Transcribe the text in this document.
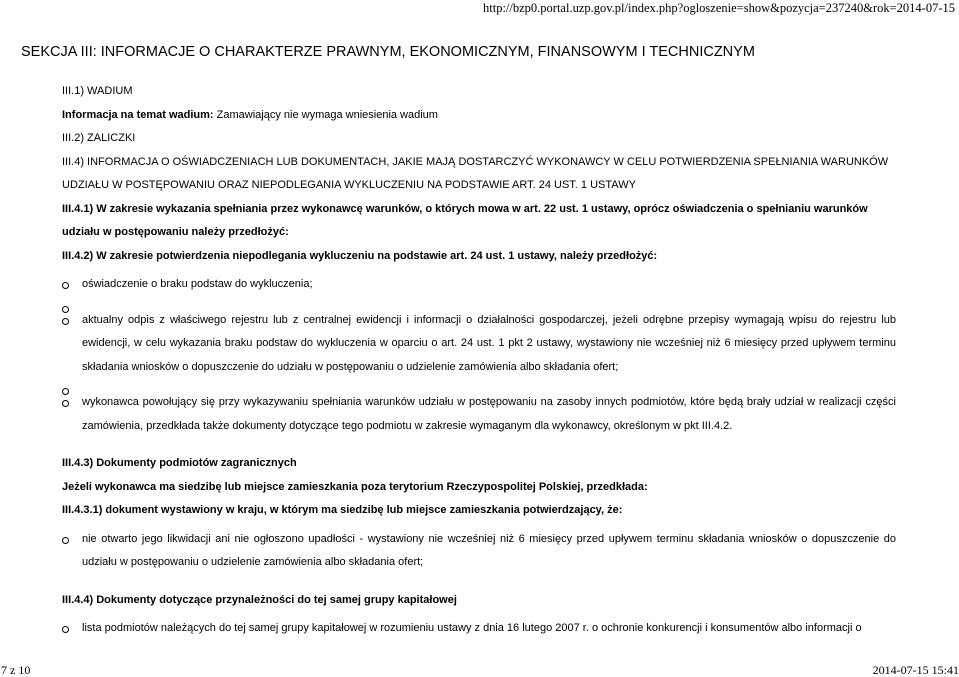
http://bzp0.portal.uzp.gov.pl/index.php?ogloszenie=show&pozycja=237240&rok=2014-07-15
SEKCJA III: INFORMACJE O CHARAKTERZE PRAWNYM, EKONOMICZNYM, FINANSOWYM I TECHNICZNYM

III.1) WADIUM

Informacja na temat wadium: Zamawiający nie wymaga wniesienia wadium

III.2) ZALICZKI

III.4) INFORMACJA O OŚWIADCZENIACH LUB DOKUMENTACH, JAKIE MAJĄ DOSTARCZYĆ WYKONAWCY W CELU POTWIERDZENIA SPEŁNIANIA WARUNKÓW UDZIAŁU W POSTĘPOWANIU ORAZ NIEPODLEGANIA WYKLUCZENIU NA PODSTAWIE ART. 24 UST. 1 USTAWY

III.4.1) W zakresie wykazania spełniania przez wykonawcę warunków, o których mowa w art. 22 ust. 1 ustawy, oprócz oświadczenia o spełnianiu warunków udziału w postępowaniu należy przedłożyć:

III.4.2) W zakresie potwierdzenia niepodlegania wykluczeniu na podstawie art. 24 ust. 1 ustawy, należy przedłożyć:

oświadczenie o braku podstaw do wykluczenia;
aktualny odpis z właściwego rejestru lub z centralnej ewidencji i informacji o działalności gospodarczej, jeżeli odrębne przepisy wymagają wpisu do rejestru lub ewidencji, w celu wykazania braku podstaw do wykluczenia w oparciu o art. 24 ust. 1 pkt 2 ustawy, wystawiony nie wcześniej niż 6 miesięcy przed upływem terminu składania wniosków o dopuszczenie do udziału w postępowaniu o udzielenie zamówienia albo składania ofert;
wykonawca powołujący się przy wykazywaniu spełniania warunków udziału w postępowaniu na zasoby innych podmiotów, które będą brały udział w realizacji części zamówienia, przedkłada także dokumenty dotyczące tego podmiotu w zakresie wymaganym dla wykonawcy, określonym w pkt III.4.2.

III.4.3) Dokumenty podmiotów zagranicznych

Jeżeli wykonawca ma siedzibę lub miejsce zamieszkania poza terytorium Rzeczypospolitej Polskiej, przedkłada:

III.4.3.1) dokument wystawiony w kraju, w którym ma siedzibę lub miejsce zamieszkania potwierdzający, że:

nie otwarto jego likwidacji ani nie ogłoszono upadłości - wystawiony nie wcześniej niż 6 miesięcy przed upływem terminu składania wniosków o dopuszczenie do udziału w postępowaniu o udzielenie zamówienia albo składania ofert;

III.4.4) Dokumenty dotyczące przynależności do tej samej grupy kapitałowej

lista podmiotów należących do tej samej grupy kapitałowej w rozumieniu ustawy z dnia 16 lutego 2007 r. o ochronie konkurencji i konsumentów albo informacji o
7 z 10	2014-07-15 15:41
